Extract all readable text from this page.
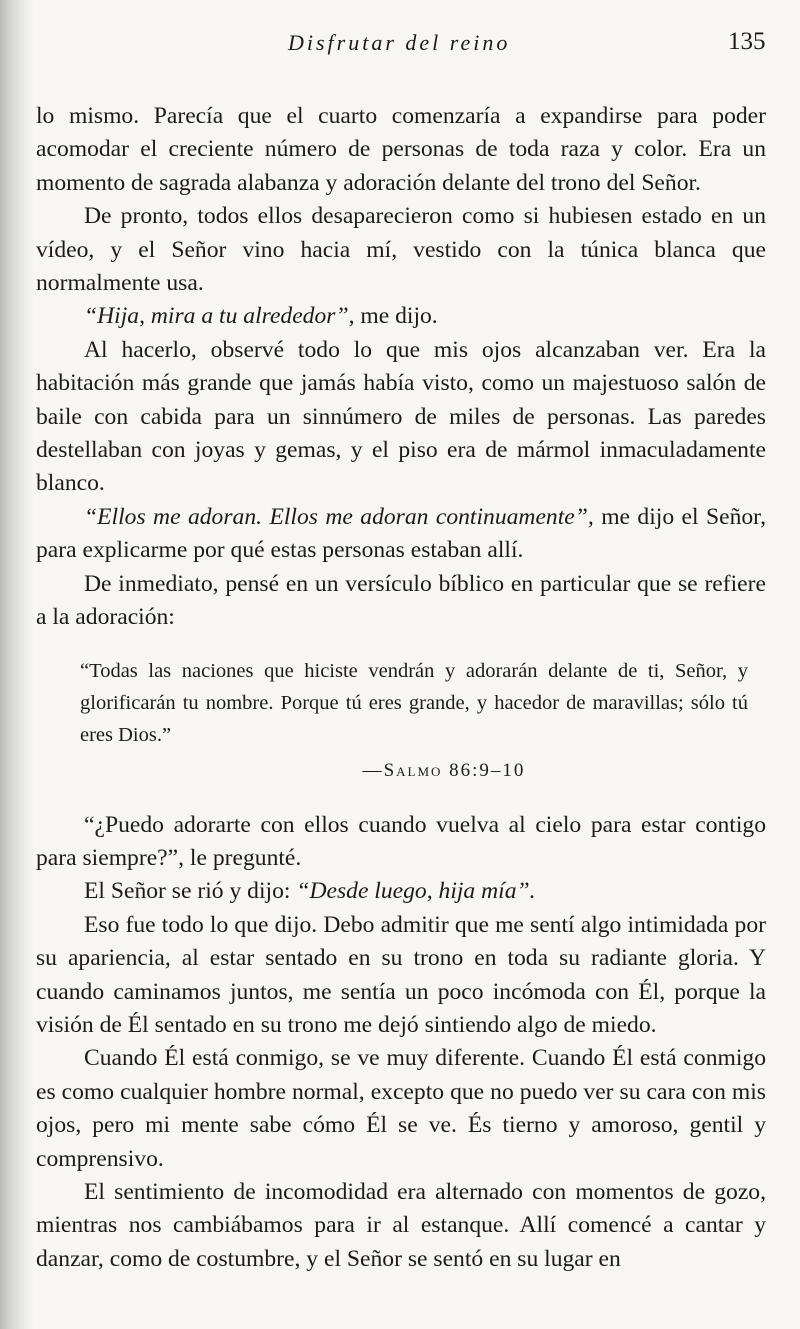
Disfrutar del reino	135

lo mismo. Parecía que el cuarto comenzaría a expandirse para poder acomodar el creciente número de personas de toda raza y color. Era un momento de sagrada alabanza y adoración delante del trono del Señor.

De pronto, todos ellos desaparecieron como si hubiesen estado en un vídeo, y el Señor vino hacia mí, vestido con la túnica blanca que normalmente usa.

“Hija, mira a tu alrededor”, me dijo.

Al hacerlo, observé todo lo que mis ojos alcanzaban ver. Era la habitación más grande que jamás había visto, como un majestuoso salón de baile con cabida para un sinnúmero de miles de personas. Las paredes destellaban con joyas y gemas, y el piso era de mármol inmaculadamente blanco.

“Ellos me adoran. Ellos me adoran continuamente”, me dijo el Señor, para explicarme por qué estas personas estaban allí.

De inmediato, pensé en un versículo bíblico en particular que se refiere a la adoración:

“Todas las naciones que hiciste vendrán y adorarán delante de ti, Señor, y glorificarán tu nombre. Porque tú eres grande, y hacedor de maravillas; sólo tú eres Dios.”

—Salmo 86:9–10

“¿Puedo adorarte con ellos cuando vuelva al cielo para estar contigo para siempre?”, le pregunté.

El Señor se rió y dijo: “Desde luego, hija mía”.

Eso fue todo lo que dijo. Debo admitir que me sentí algo intimidada por su apariencia, al estar sentado en su trono en toda su radiante gloria. Y cuando caminamos juntos, me sentía un poco incómoda con Él, porque la visión de Él sentado en su trono me dejó sintiendo algo de miedo.

Cuando Él está conmigo, se ve muy diferente. Cuando Él está conmigo es como cualquier hombre normal, excepto que no puedo ver su cara con mis ojos, pero mi mente sabe cómo Él se ve. És tierno y amoroso, gentil y comprensivo.

El sentimiento de incomodidad era alternado con momentos de gozo, mientras nos cambiábamos para ir al estanque. Allí comencé a cantar y danzar, como de costumbre, y el Señor se sentó en su lugar en
